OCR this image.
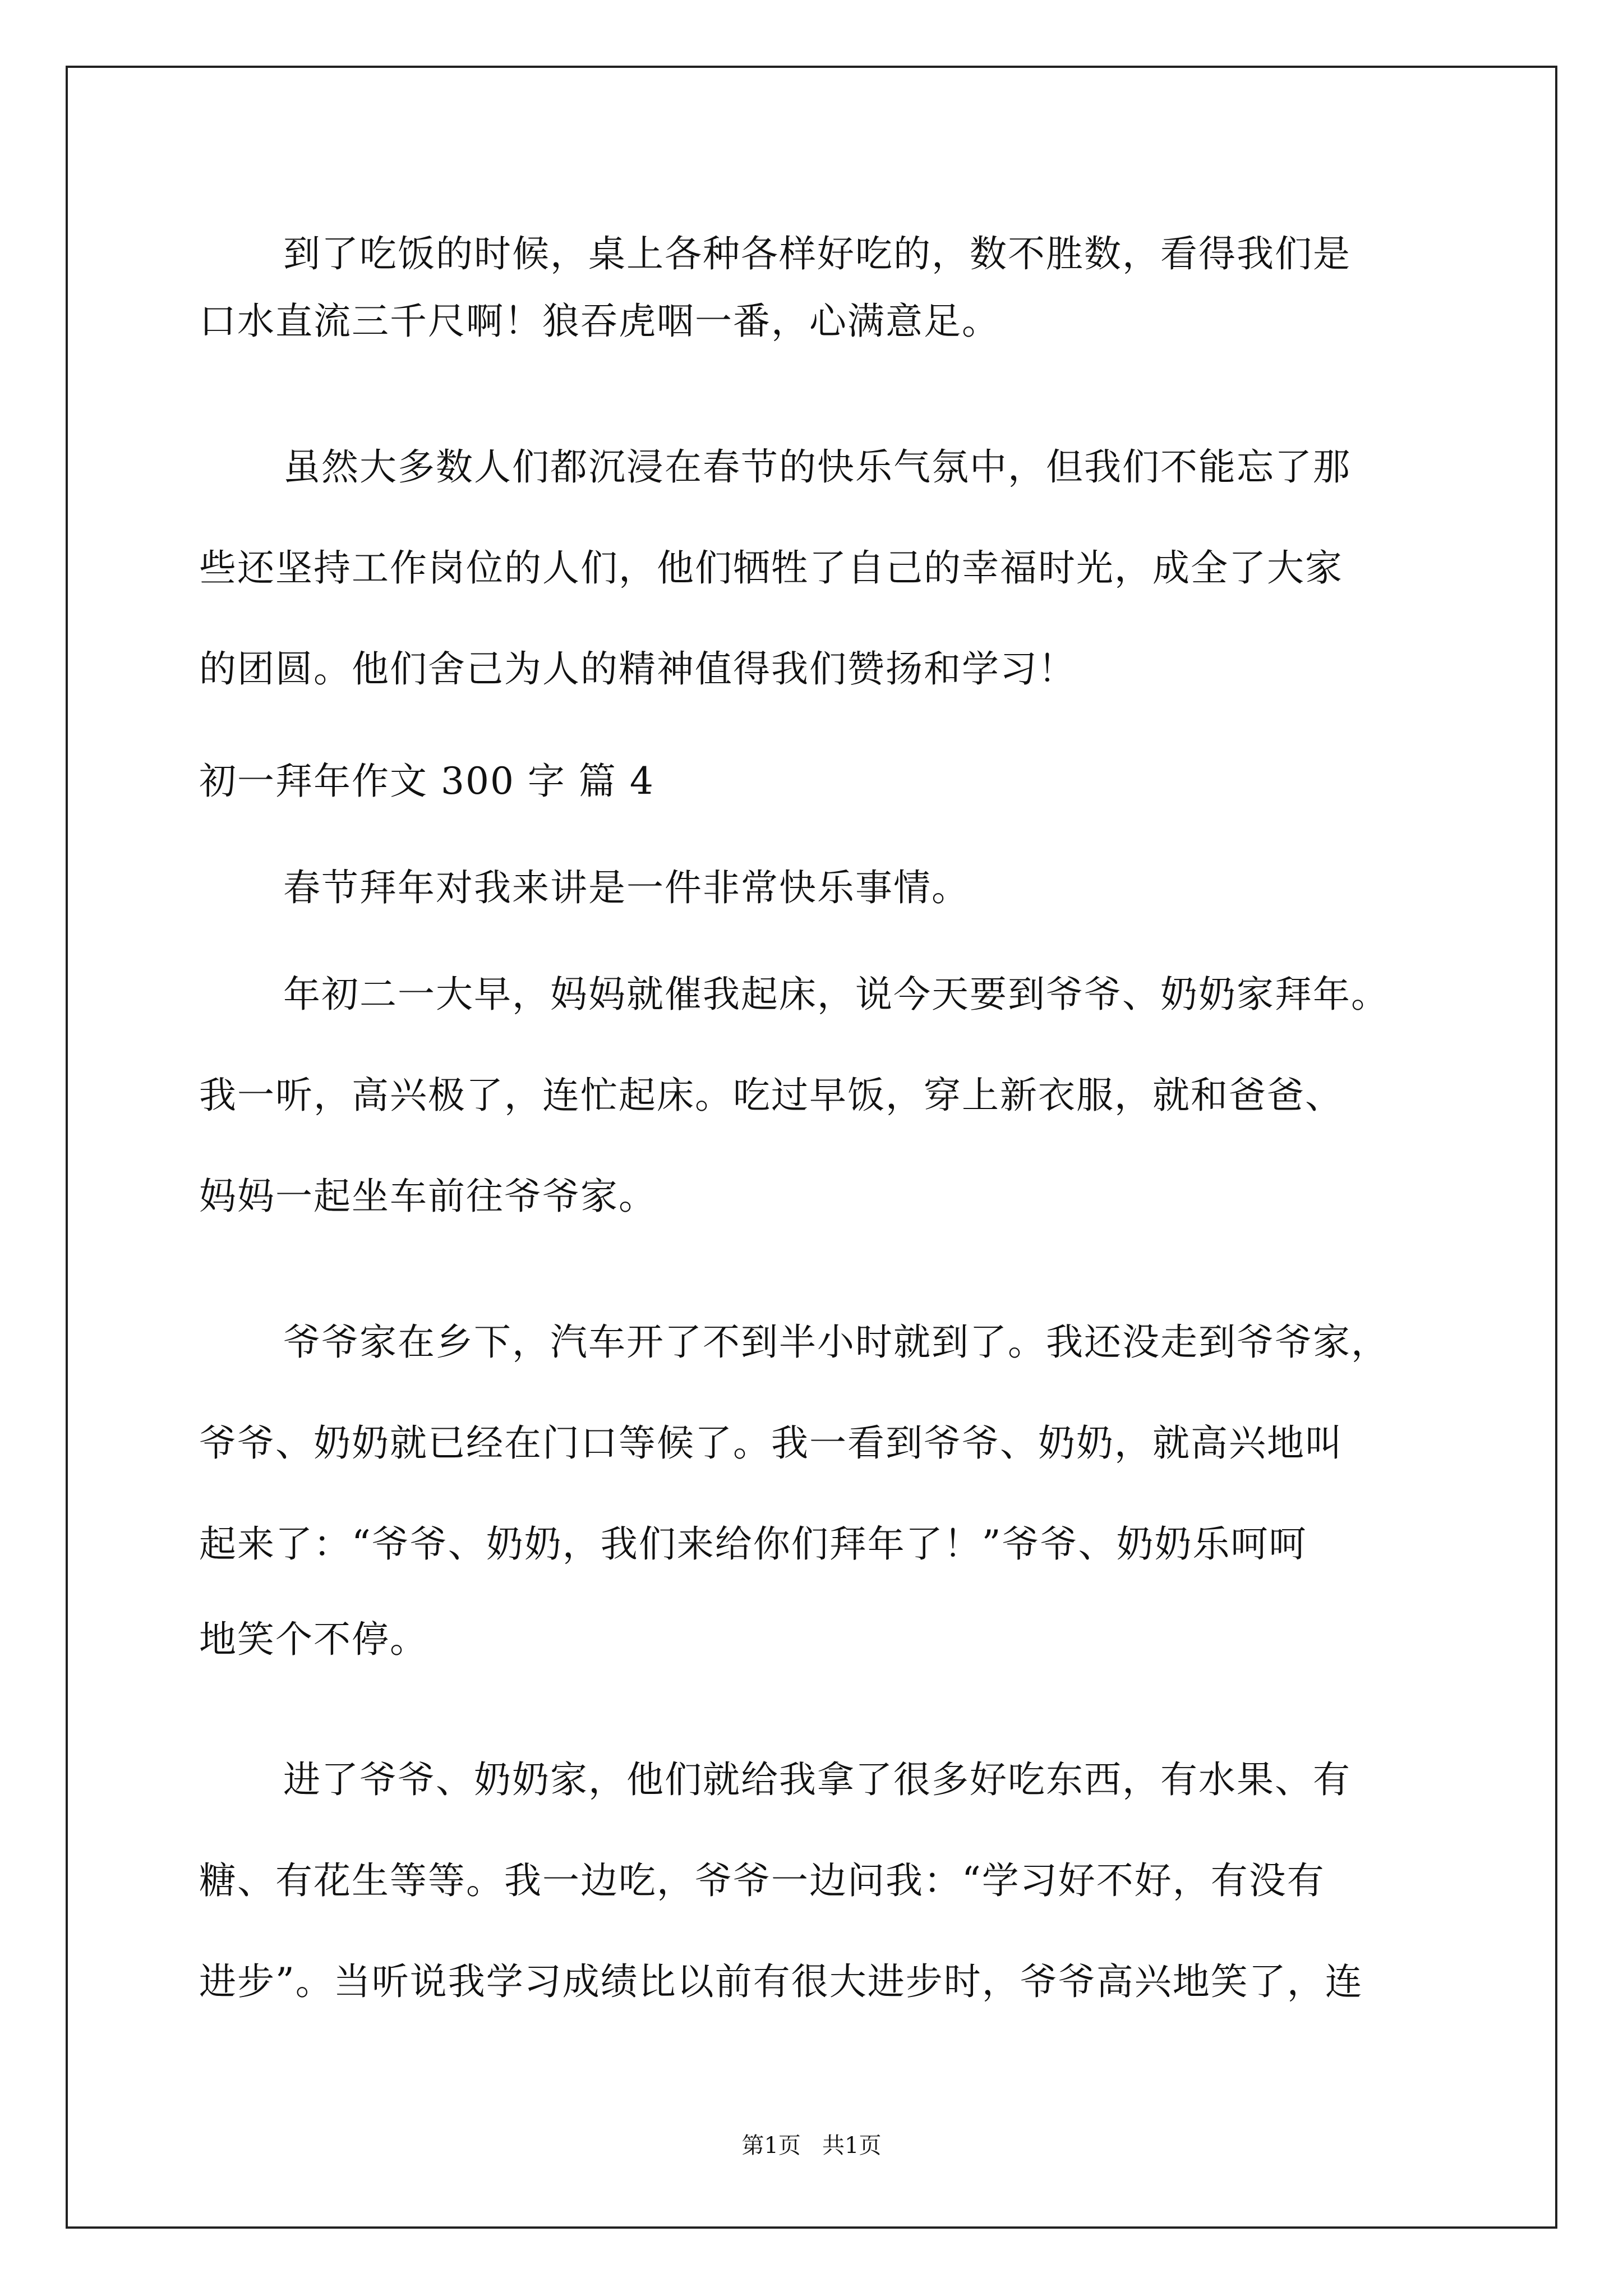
到了吃饭的时候，桌上各种各样好吃的，数不胜数，看得我们是
口水直流三千尺啊！狼吞虎咽一番，心满意足。
虽然大多数人们都沉浸在春节的快乐气氛中，但我们不能忘了那
些还坚持工作岗位的人们，他们牺牲了自己的幸福时光，成全了大家
的团圆。他们舍己为人的精神值得我们赞扬和学习！
初一拜年作文 300 字 篇 4
春节拜年对我来讲是一件非常快乐事情。
年初二一大早，妈妈就催我起床，说今天要到爷爷、奶奶家拜年。
我一听，高兴极了，连忙起床。吃过早饭，穿上新衣服，就和爸爸、
妈妈一起坐车前往爷爷家。
爷爷家在乡下，汽车开了不到半小时就到了。我还没走到爷爷家，
爷爷、奶奶就已经在门口等候了。我一看到爷爷、奶奶，就高兴地叫
起来了：“爷爷、奶奶，我们来给你们拜年了！”爷爷、奶奶乐呵呵
地笑个不停。
进了爷爷、奶奶家，他们就给我拿了很多好吃东西，有水果、有
糖、有花生等等。我一边吃，爷爷一边问我：“学习好不好，有没有
进步”。当听说我学习成绩比以前有很大进步时，爷爷高兴地笑了，连
第1页   共1页
